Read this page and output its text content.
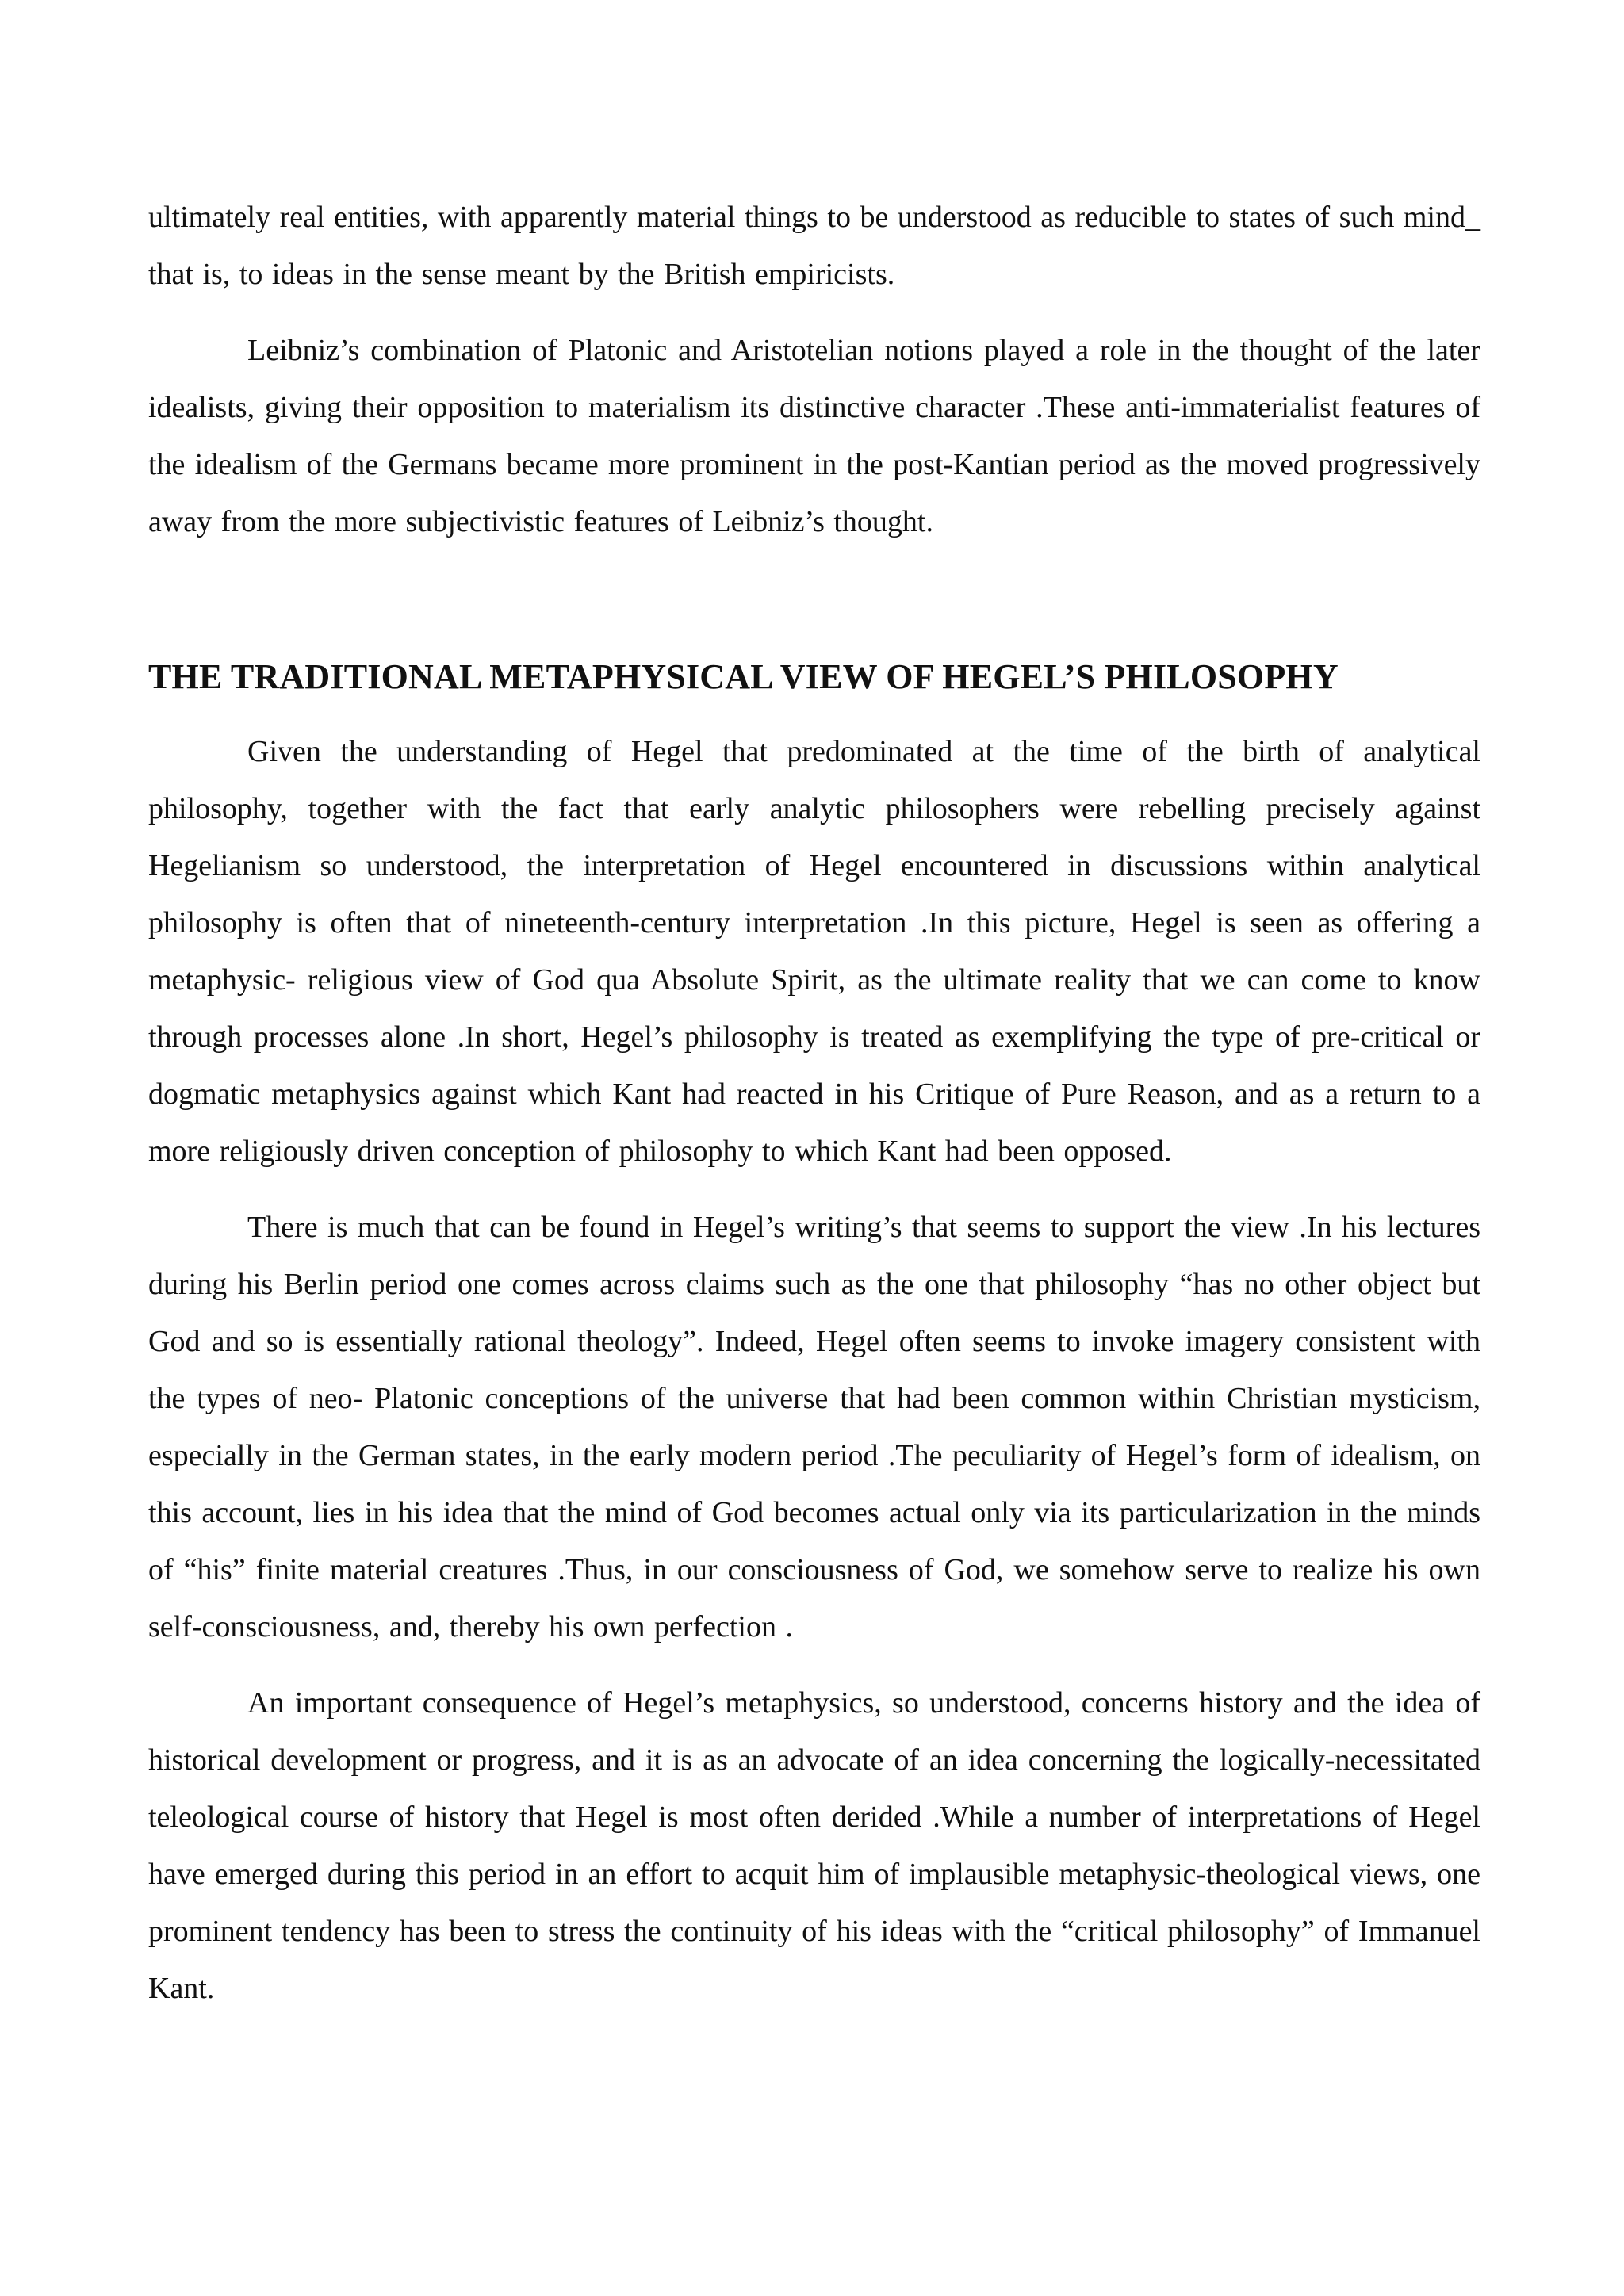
ultimately real entities, with apparently material things to be understood as reducible to states of such mind_ that is, to ideas in the sense meant by the British empiricists.

Leibniz’s combination of Platonic and Aristotelian notions played a role in the thought of the later idealists, giving their opposition to materialism its distinctive character .These anti-immaterialist features of the idealism of the Germans became more prominent in the post-Kantian period as the moved progressively away from the more subjectivistic features of Leibniz’s thought.

THE TRADITIONAL METAPHYSICAL VIEW OF HEGEL’S PHILOSOPHY

Given the understanding of Hegel that predominated at the time of the birth of analytical philosophy, together with the fact that early analytic philosophers were rebelling precisely against Hegelianism so understood, the interpretation of Hegel encountered in discussions within analytical philosophy is often that of nineteenth-century interpretation .In this picture, Hegel is seen as offering a metaphysic- religious view of God qua Absolute Spirit, as the ultimate reality that we can come to know through processes alone .In short, Hegel’s philosophy is treated as exemplifying the type of pre-critical or dogmatic metaphysics against which Kant had reacted in his Critique of Pure Reason, and as a return to a more religiously driven conception of philosophy to which Kant had been opposed.

There is much that can be found in Hegel’s writing’s that seems to support the view .In his lectures during his Berlin period one comes across claims such as the one that philosophy “has no other object but God and so is essentially rational theology”. Indeed, Hegel often seems to invoke imagery consistent with the types of neo- Platonic conceptions of the universe that had been common within Christian mysticism, especially in the German states, in the early modern period .The peculiarity of Hegel’s form of idealism, on this account, lies in his idea that the mind of God becomes actual only via its particularization in the minds of “his” finite material creatures .Thus, in our consciousness of God, we somehow serve to realize his own self-consciousness, and, thereby his own perfection .

An important consequence of Hegel’s metaphysics, so understood, concerns history and the idea of historical development or progress, and it is as an advocate of an idea concerning the logically-necessitated teleological course of history that Hegel is most often derided .While a number of interpretations of Hegel have emerged during this period in an effort to acquit him of implausible metaphysic-theological views, one prominent tendency has been to stress the continuity of his ideas with the “critical philosophy” of Immanuel Kant.
